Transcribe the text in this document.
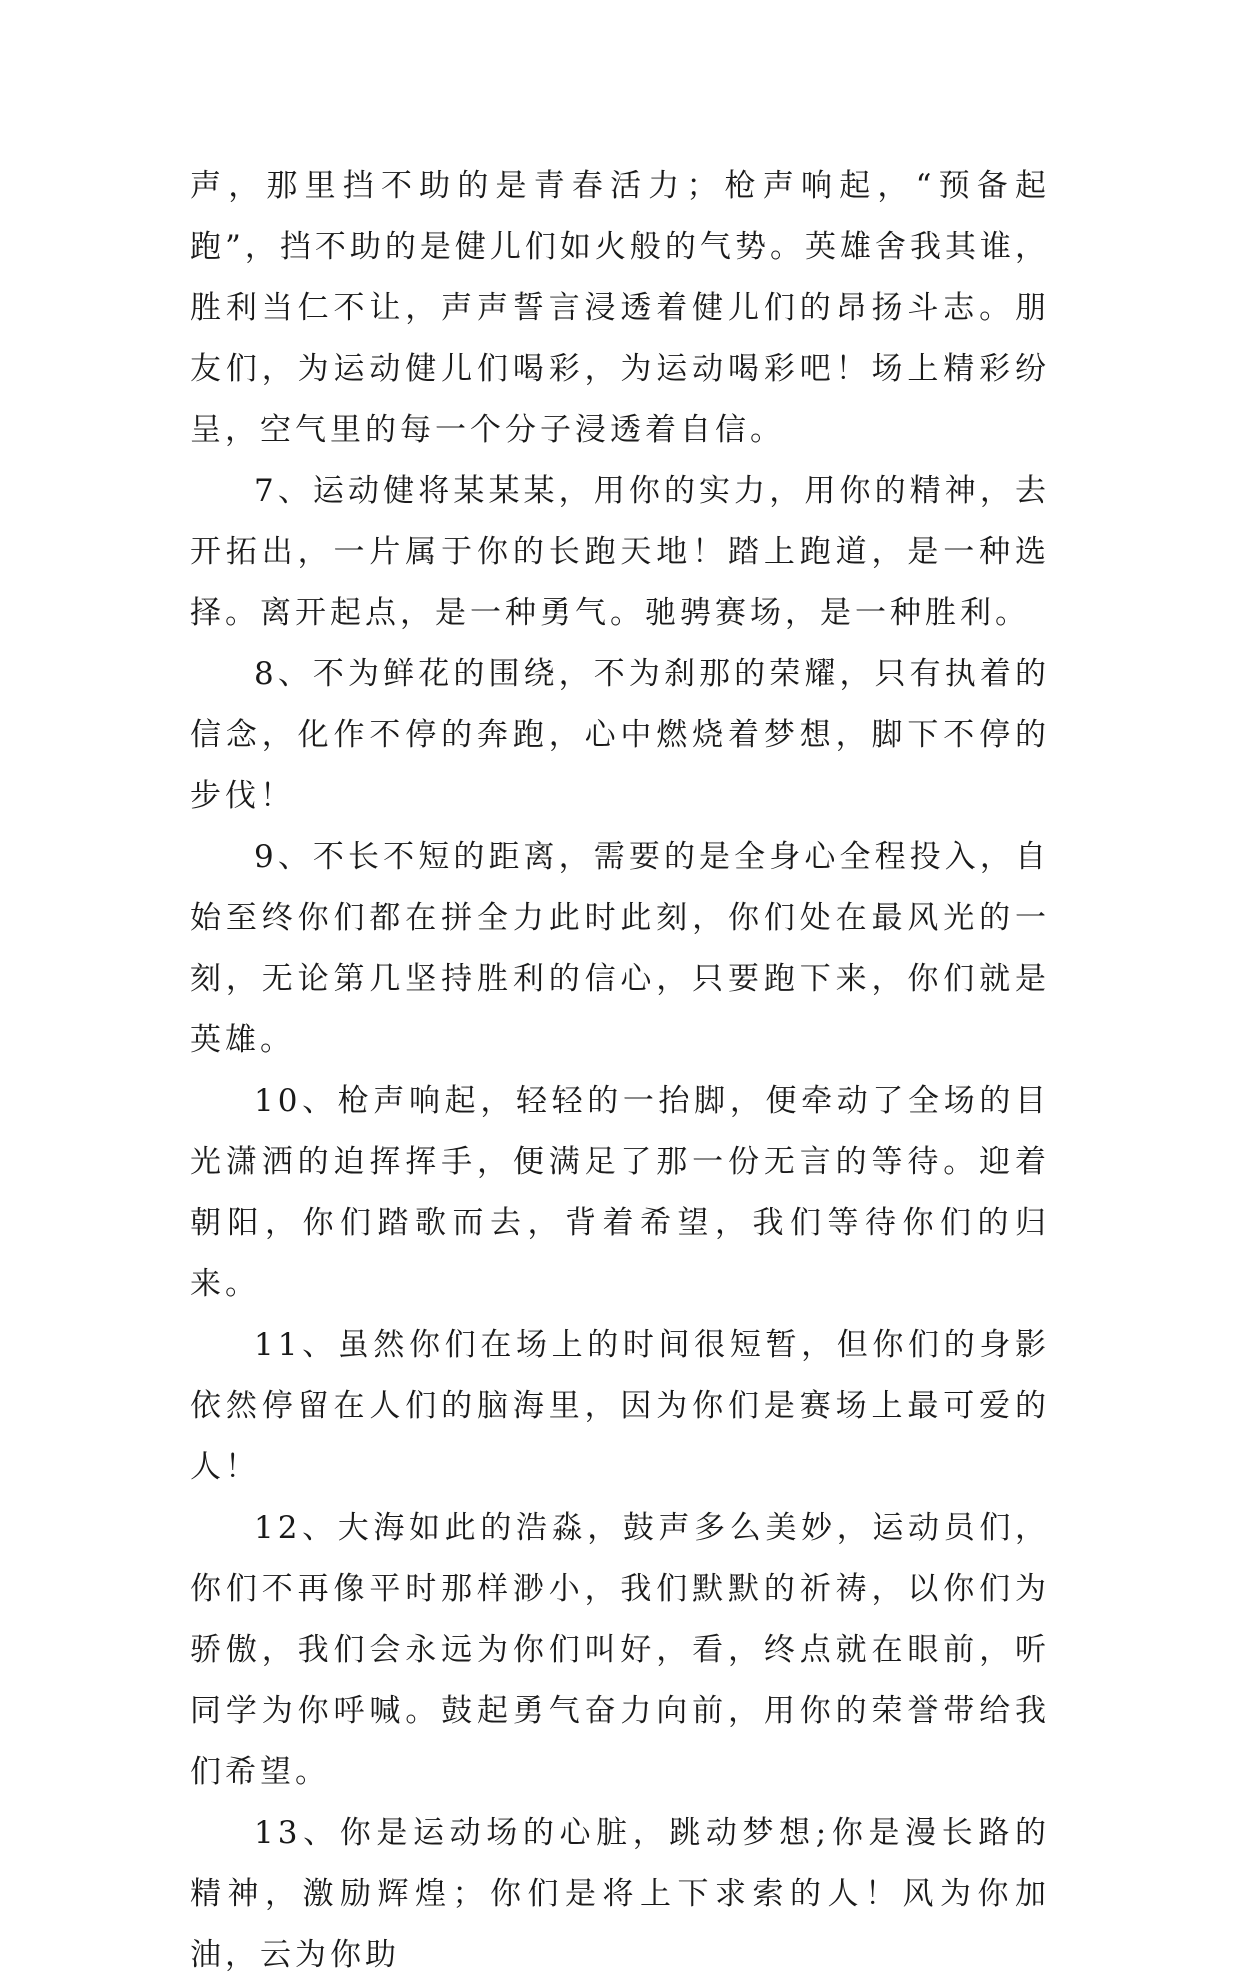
声，那里挡不助的是青春活力；枪声响起，“预备起跑”，挡不助的是健儿们如火般的气势。英雄舍我其谁，胜利当仁不让，声声誓言浸透着健儿们的昂扬斗志。朋友们，为运动健儿们喝彩，为运动喝彩吧！场上精彩纷呈，空气里的每一个分子浸透着自信。

7、运动健将某某某，用你的实力，用你的精神，去开拓出，一片属于你的长跑天地！踏上跑道，是一种选择。离开起点，是一种勇气。驰骋赛场，是一种胜利。

8、不为鲜花的围绕，不为刹那的荣耀，只有执着的信念，化作不停的奔跑，心中燃烧着梦想，脚下不停的步伐！

9、不长不短的距离，需要的是全身心全程投入，自始至终你们都在拼全力此时此刻，你们处在最风光的一刻，无论第几坚持胜利的信心，只要跑下来，你们就是英雄。

10、枪声响起，轻轻的一抬脚，便牵动了全场的目光潇洒的迫挥挥手，便满足了那一份无言的等待。迎着朝阳，你们踏歌而去，背着希望，我们等待你们的归来。

11、虽然你们在场上的时间很短暂，但你们的身影依然停留在人们的脑海里，因为你们是赛场上最可爱的人！

12、大海如此的浩淼，鼓声多么美妙，运动员们，你们不再像平时那样渺小，我们默默的祈祷，以你们为骄傲，我们会永远为你们叫好，看，终点就在眼前，听同学为你呼喊。鼓起勇气奋力向前，用你的荣誉带给我们希望。

13、你是运动场的心脏，跳动梦想;你是漫长路的精神，激励辉煌；你们是将上下求索的人！风为你加油，云为你助
